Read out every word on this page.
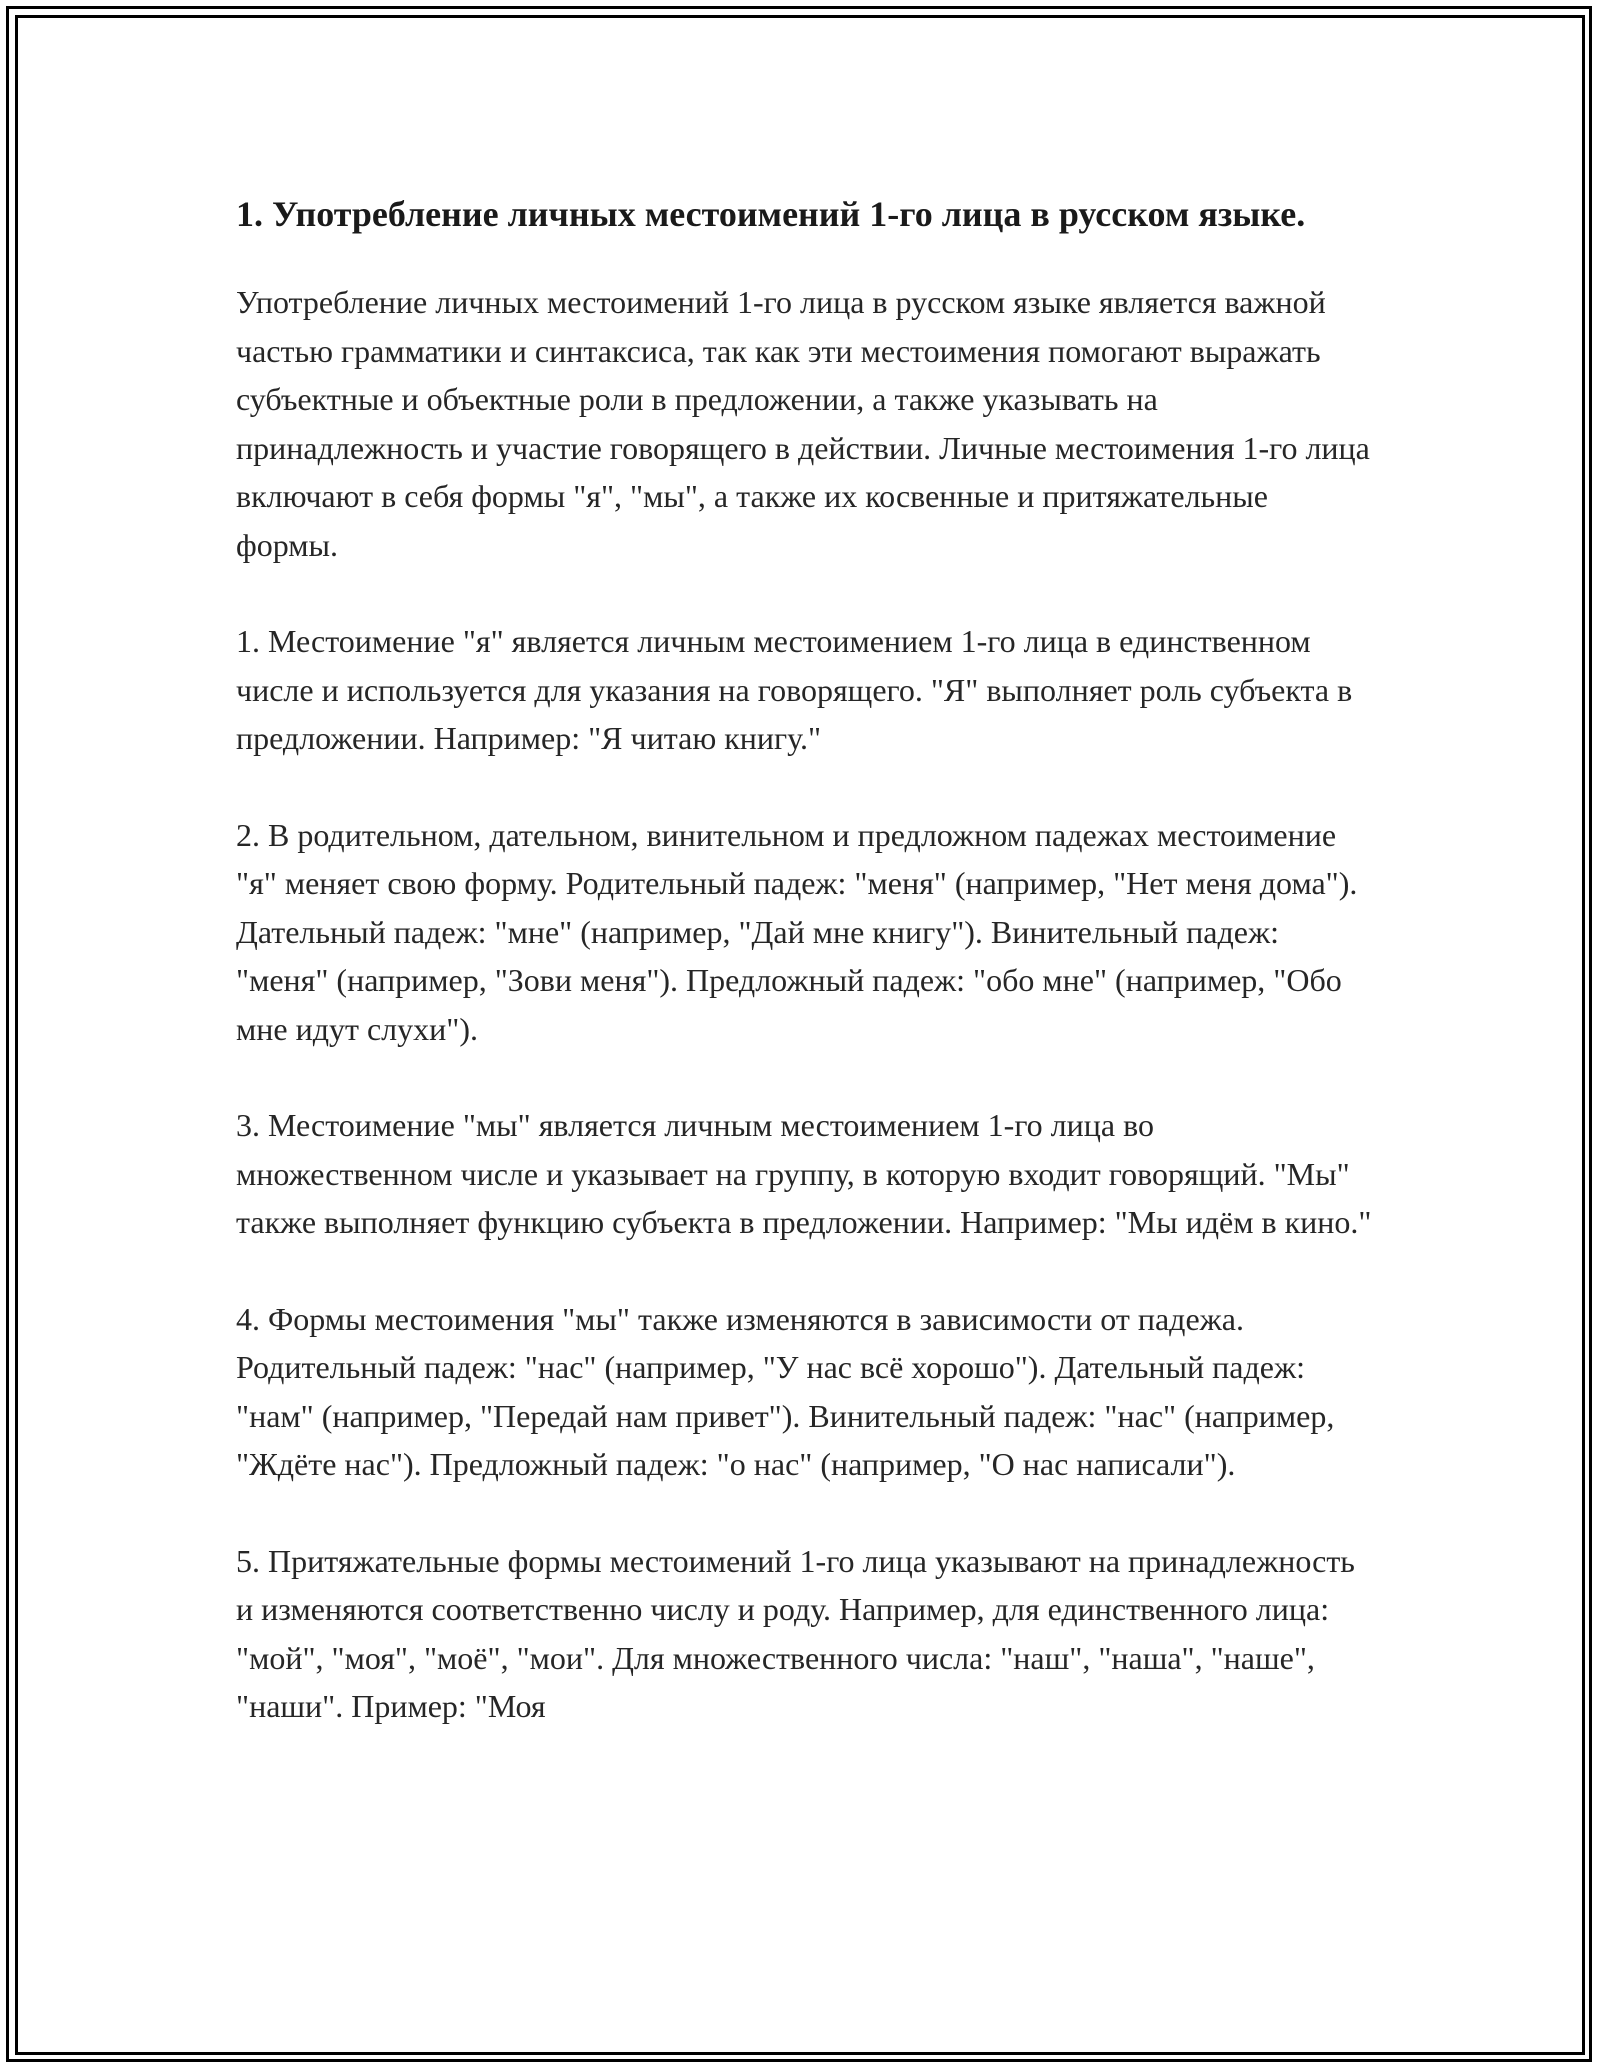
1. Употребление личных местоимений 1-го лица в русском языке.

Употребление личных местоимений 1-го лица в русском языке является важной частью грамматики и синтаксиса, так как эти местоимения помогают выражать субъектные и объектные роли в предложении, а также указывать на принадлежность и участие говорящего в действии. Личные местоимения 1-го лица включают в себя формы "я", "мы", а также их косвенные и притяжательные формы.

1. Местоимение "я" является личным местоимением 1-го лица в единственном числе и используется для указания на говорящего. "Я" выполняет роль субъекта в предложении. Например: "Я читаю книгу."

2. В родительном, дательном, винительном и предложном падежах местоимение "я" меняет свою форму. Родительный падеж: "меня" (например, "Нет меня дома"). Дательный падеж: "мне" (например, "Дай мне книгу"). Винительный падеж: "меня" (например, "Зови меня"). Предложный падеж: "обо мне" (например, "Обо мне идут слухи").

3. Местоимение "мы" является личным местоимением 1-го лица во множественном числе и указывает на группу, в которую входит говорящий. "Мы" также выполняет функцию субъекта в предложении. Например: "Мы идём в кино."

4. Формы местоимения "мы" также изменяются в зависимости от падежа. Родительный падеж: "нас" (например, "У нас всё хорошо"). Дательный падеж: "нам" (например, "Передай нам привет"). Винительный падеж: "нас" (например, "Ждёте нас"). Предложный падеж: "о нас" (например, "О нас написали").

5. Притяжательные формы местоимений 1-го лица указывают на принадлежность и изменяются соответственно числу и роду. Например, для единственного лица: "мой", "моя", "моё", "мои". Для множественного числа: "наш", "наша", "наше", "наши". Пример: "Моя
